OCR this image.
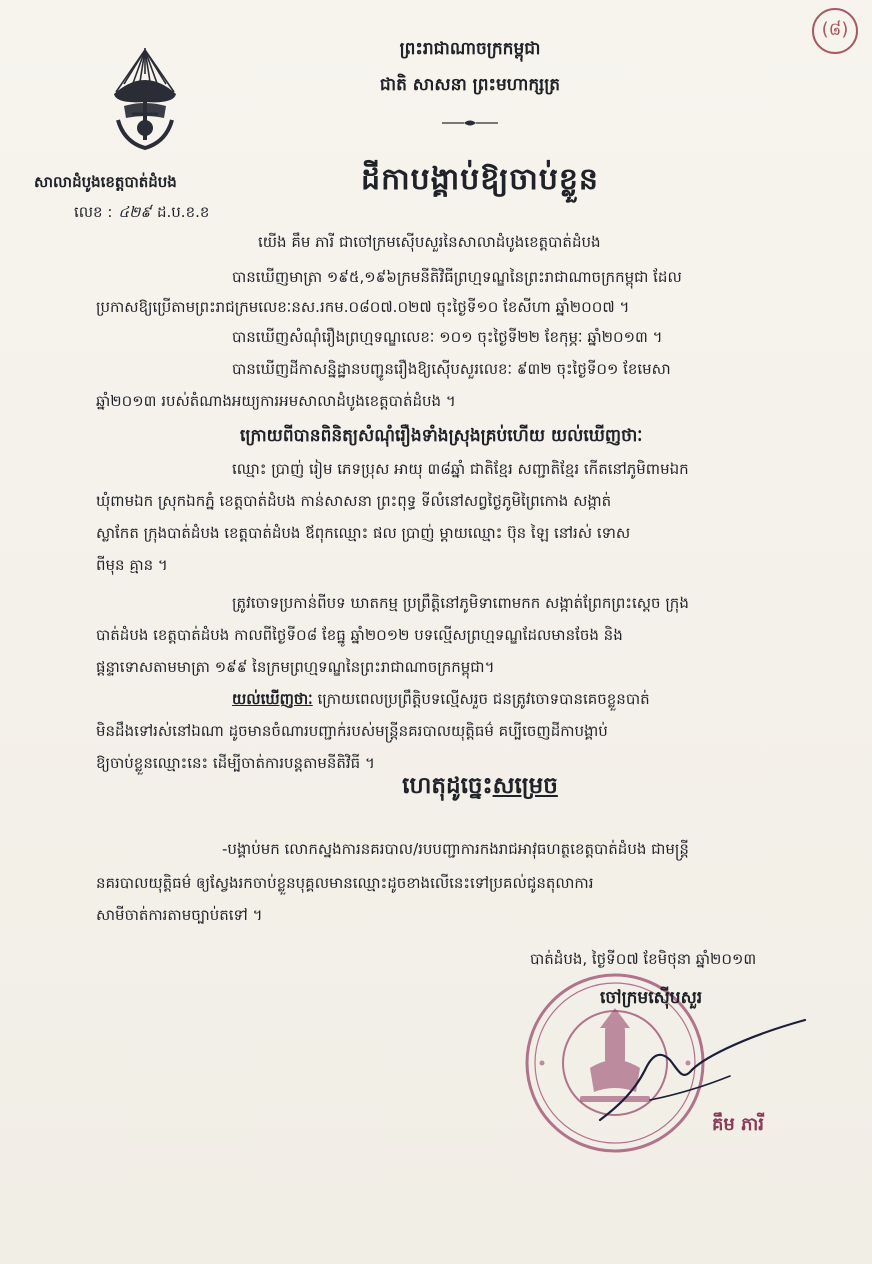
(៨)
ព្រះរាជាណាចក្រកម្ពុជា
ជាតិ សាសនា ព្រះមហាក្សត្រ
សាលាដំបូងខេត្តបាត់ដំបង
លេខ : ៤២៩ ដ.ប.ខ.ខ
ដីកាបង្គាប់ឱ្យចាប់ខ្លួន
យើង គឹម ភារី ជាចៅក្រមស៊ើបសួរនៃសាលាដំបូងខេត្តបាត់ដំបង
បានឃើញមាត្រា ១៩៥,១៩៦ក្រមនីតិវិធីព្រហ្មទណ្ឌនៃព្រះរាជាណាចក្រកម្ពុជា ដែល
ប្រកាសឱ្យប្រើតាមព្រះរាជក្រមលេខៈនស.រកម.០៨០៧.០២៧ ចុះថ្ងៃទី១០ ខែសីហា ឆ្នាំ២០០៧ ។
បានឃើញសំណុំរឿងព្រហ្មទណ្ឌលេខៈ ១០១ ចុះថ្ងៃទី២២ ខែកុម្ភៈ ឆ្នាំ២០១៣ ។
បានឃើញដីកាសន្និដ្ឋានបញ្ជូនរឿងឱ្យស៊ើបសួរលេខៈ ៩៣២ ចុះថ្ងៃទី០១ ខែមេសា
ឆ្នាំ២០១៣ របស់តំណាងអយ្យការអមសាលាដំបូងខេត្តបាត់ដំបង ។
ក្រោយពីបានពិនិត្យសំណុំរឿងទាំងស្រុងគ្រប់ហើយ យល់ឃើញថាៈ
ឈ្មោះ ប្រាញ់ រៀម ភេទប្រុស អាយុ ៣៨ឆ្នាំ ជាតិខ្មែរ សញ្ជាតិខ្មែរ កើតនៅភូមិពាមឯក
ឃុំពាមឯក ស្រុកឯកភ្នំ ខេត្តបាត់ដំបង កាន់សាសនា ព្រះពុទ្ធ ទីលំនៅសព្វថ្ងៃភូមិព្រៃកោង សង្កាត់
ស្លាកែត ក្រុងបាត់ដំបង ខេត្តបាត់ដំបង ឪពុកឈ្មោះ ផល ប្រាញ់ ម្តាយឈ្មោះ ប៊ុន ឡៃ នៅរស់ ទោស
ពីមុន គ្មាន ។
ត្រូវចោទប្រកាន់ពីបទ ឃាតកម្ម ប្រព្រឹត្តិនៅភូមិទាពោមកក សង្កាត់ព្រែកព្រះស្តេច ក្រុង
បាត់ដំបង ខេត្តបាត់ដំបង កាលពីថ្ងៃទី០៨ ខែធ្នូ ឆ្នាំ២០១២ បទល្មើសព្រហ្មទណ្ឌដែលមានចែង និង
ផ្តន្ទាទោសតាមមាត្រា ១៩៩ នៃក្រមព្រហ្មទណ្ឌនៃព្រះរាជាណាចក្រកម្ពុជា។
យល់ឃើញថាៈ ក្រោយពេលប្រព្រឹត្តិបទល្មើសរួច ជនត្រូវចោទបានគេចខ្លួនបាត់
មិនដឹងទៅរស់នៅឯណា ដូចមានចំណារបញ្ជាក់របស់មន្ត្រីនគរបាលយុត្តិធម៌ គប្បីចេញដីកាបង្គាប់
ឱ្យចាប់ខ្លួនឈ្មោះនេះ ដើម្បីចាត់ការបន្តតាមនីតិវិធី ។
ហេតុដូច្នេះសម្រេច
-បង្គាប់មក លោកស្នងការនគរបាល/របបញ្ជាការកងរាជអាវុធហត្ថខេត្តបាត់ដំបង ជាមន្ត្រី
នគរបាលយុត្តិធម៌ ឲ្យស្វែងរកចាប់ខ្លួនបុគ្គលមានឈ្មោះដូចខាងលើនេះទៅប្រគល់ជូនតុលាការ
សាមីចាត់ការតាមច្បាប់តទៅ ។
បាត់ដំបង, ថ្ងៃទី០៧ ខែមិថុនា ឆ្នាំ២០១៣
ចៅក្រមស៊ើបសួរ
គឹម ភារី
